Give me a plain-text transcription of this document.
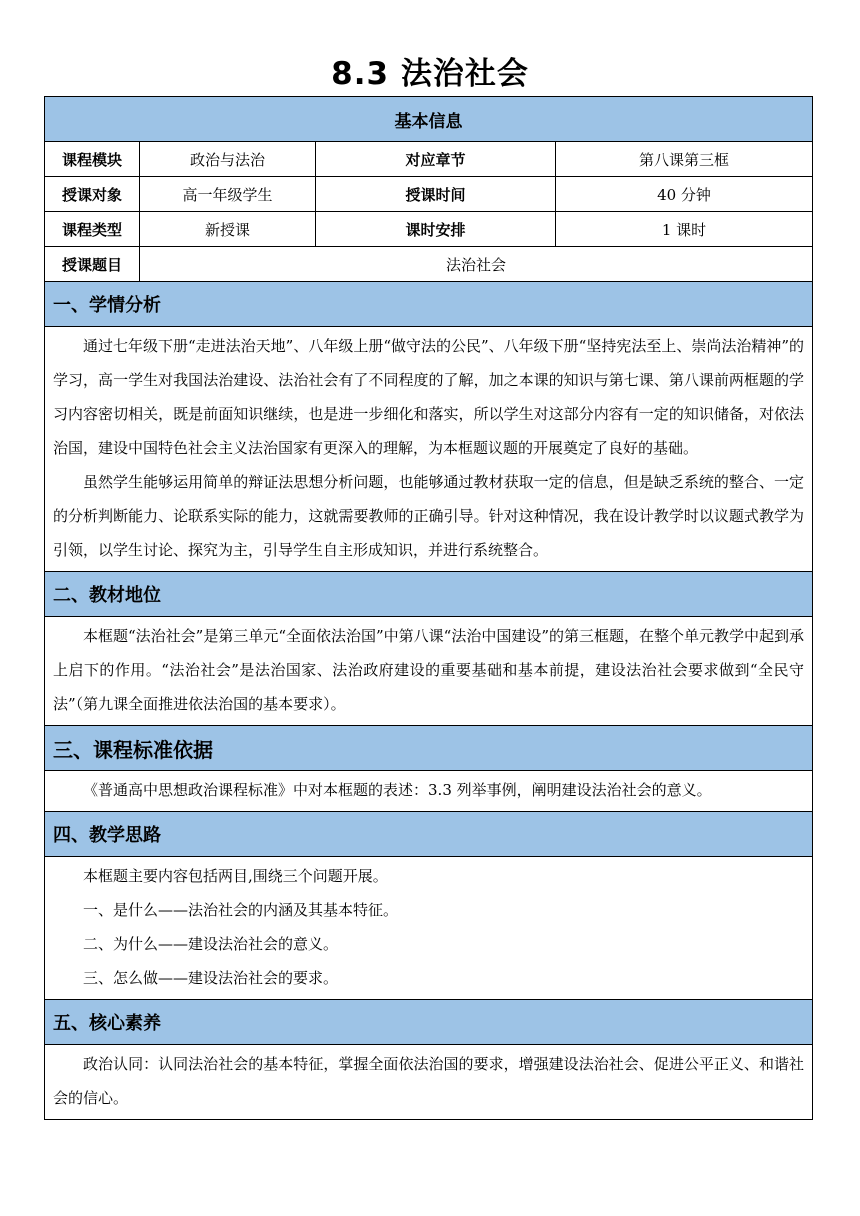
8.3 法治社会
基本信息			
课程模块	政治与法治	对应章节	第八课第三框
授课对象	高一年级学生	授课时间	40 分钟
课程类型	新授课	课时安排	1 课时
授课题目	法治社会		
一、学情分析			

通过七年级下册“走进法治天地”、八年级上册“做守法的公民”、八年级下册“坚持宪法至上、崇尚法治精神”的学习，高一学生对我国法治建设、法治社会有了不同程度的了解，加之本课的知识与第七课、第八课前两框题的学习内容密切相关，既是前面知识继续，也是进一步细化和落实，所以学生对这部分内容有一定的知识储备，对依法治国，建设中国特色社会主义法治国家有更深入的理解，为本框题议题的开展奠定了良好的基础。

虽然学生能够运用简单的辩证法思想分析问题，也能够通过教材获取一定的信息，但是缺乏系统的整合、一定的分析判断能力、论联系实际的能力，这就需要教师的正确引导。针对这种情况，我在设计教学时以议题式教学为引领，以学生讨论、探究为主，引导学生自主形成知识，并进行系统整合。			

二、教材地位			

本框题“法治社会”是第三单元“全面依法治国”中第八课“法治中国建设”的第三框题，在整个单元教学中起到承上启下的作用。“法治社会”是法治国家、法治政府建设的重要基础和基本前提，建设法治社会要求做到“全民守法”（第九课全面推进依法治国的基本要求）。			

三、课程标准依据			

《普通高中思想政治课程标准》中对本框题的表述：3.3 列举事例，阐明建设法治社会的意义。			

四、教学思路			

本框题主要内容包括两目,围绕三个问题开展。

一、是什么——法治社会的内涵及其基本特征。

二、为什么——建设法治社会的意义。

三、怎么做——建设法治社会的要求。			

五、核心素养			

政治认同：认同法治社会的基本特征，掌握全面依法治国的要求，增强建设法治社会、促进公平正义、和谐社会的信心。			
